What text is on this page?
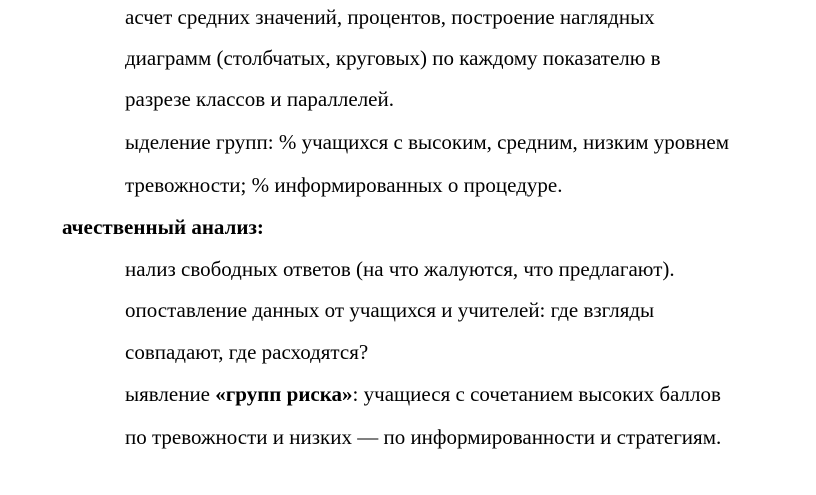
асчет средних значений, процентов, построение наглядных
диаграмм (столбчатых, круговых) по каждому показателю в
разрезе классов и параллелей.
ыделение групп: % учащихся с высоким, средним, низким уровнем
тревожности; % информированных о процедуре.
ачественный анализ:
нализ свободных ответов (на что жалуются, что предлагают).
опоставление данных от учащихся и учителей: где взгляды
совпадают, где расходятся?
ыявление «групп риска»: учащиеся с сочетанием высоких баллов
по тревожности и низких — по информированности и стратегиям.
